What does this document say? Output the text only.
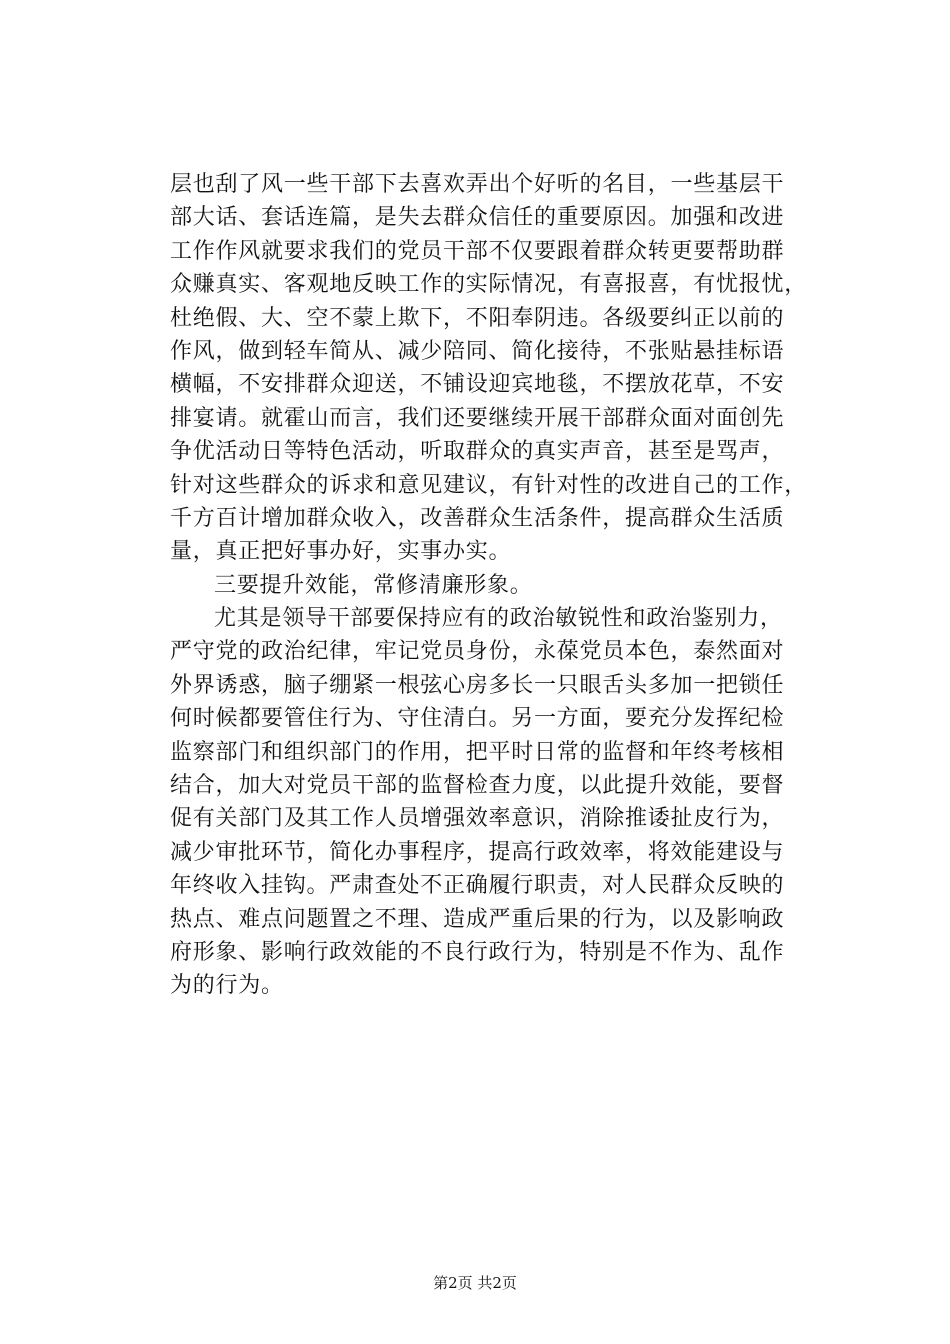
层也刮了风一些干部下去喜欢弄出个好听的名目，一些基层干
部大话、套话连篇，是失去群众信任的重要原因。加强和改进
工作作风就要求我们的党员干部不仅要跟着群众转更要帮助群
众赚真实、客观地反映工作的实际情况，有喜报喜，有忧报忧，
杜绝假、大、空不蒙上欺下，不阳奉阴违。各级要纠正以前的
作风，做到轻车简从、减少陪同、简化接待，不张贴悬挂标语
横幅，不安排群众迎送，不铺设迎宾地毯，不摆放花草，不安
排宴请。就霍山而言，我们还要继续开展干部群众面对面创先
争优活动日等特色活动，听取群众的真实声音，甚至是骂声，
针对这些群众的诉求和意见建议，有针对性的改进自己的工作，
千方百计增加群众收入，改善群众生活条件，提高群众生活质
量，真正把好事办好，实事办实。
三要提升效能，常修清廉形象。
尤其是领导干部要保持应有的政治敏锐性和政治鉴别力，
严守党的政治纪律，牢记党员身份，永葆党员本色，泰然面对
外界诱惑，脑子绷紧一根弦心房多长一只眼舌头多加一把锁任
何时候都要管住行为、守住清白。另一方面，要充分发挥纪检
监察部门和组织部门的作用，把平时日常的监督和年终考核相
结合，加大对党员干部的监督检查力度，以此提升效能，要督
促有关部门及其工作人员增强效率意识，消除推诿扯皮行为，
减少审批环节，简化办事程序，提高行政效率，将效能建设与
年终收入挂钩。严肃查处不正确履行职责，对人民群众反映的
热点、难点问题置之不理、造成严重后果的行为，以及影响政
府形象、影响行政效能的不良行政行为，特别是不作为、乱作
为的行为。
第2页 共2页
